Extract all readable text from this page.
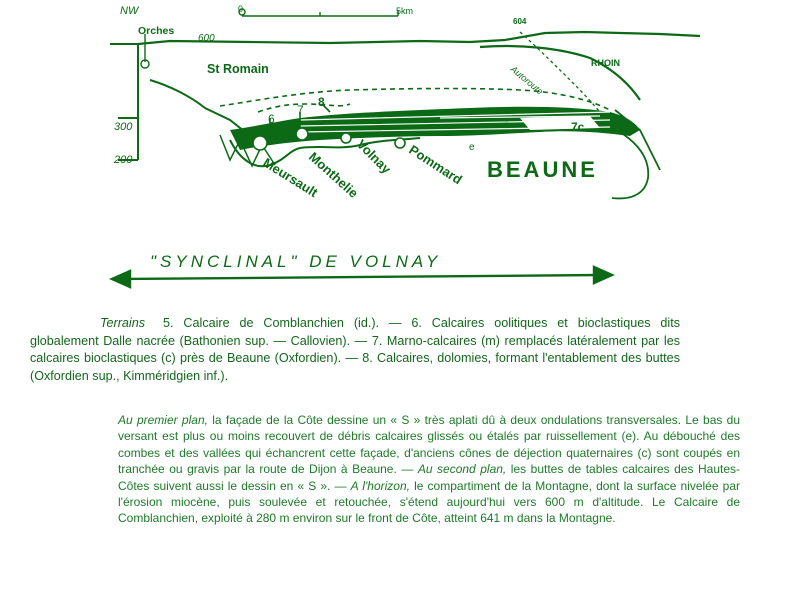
NW	0	5km
600
300
200
Orches
604
St Romain	RHOIN
Autoroute
6
7
8
7c
e
Meursault
Monthelie
Volnay Pommard BEAUNE
"SYNCLINAL" DE VOLNAY
Terrains 5. Calcaire de Comblanchien (id.). — 6. Calcaires oolitiques et bioclastiques dits globalement Dalle nacrée (Bathonien sup. — Callovien). — 7. Marno-calcaires (m) remplacés latéralement par les calcaires bioclastiques (c) près de Beaune (Oxfordien). — 8. Calcaires, dolomies, formant l'entablement des buttes (Oxfordien sup., Kimméridgien inf.).
Au premier plan, la façade de la Côte dessine un « S » très aplati dû à deux ondulations transversales. Le bas du versant est plus ou moins recouvert de débris calcaires glissés ou étalés par ruissellement (e). Au débouché des combes et des vallées qui échancrent cette façade, d'anciens cônes de déjection quaternaires (c) sont coupés en tranchée ou gravis par la route de Dijon à Beaune. — Au second plan, les buttes de tables calcaires des Hautes-Côtes suivent aussi le dessin en « S ». — A l'horizon, le compartiment de la Montagne, dont la surface nivelée par l'érosion miocène, puis soulevée et retouchée, s'étend aujourd'hui vers 600 m d'altitude. Le Calcaire de Comblanchien, exploité à 280 m environ sur le front de Côte, atteint 641 m dans la Montagne.
